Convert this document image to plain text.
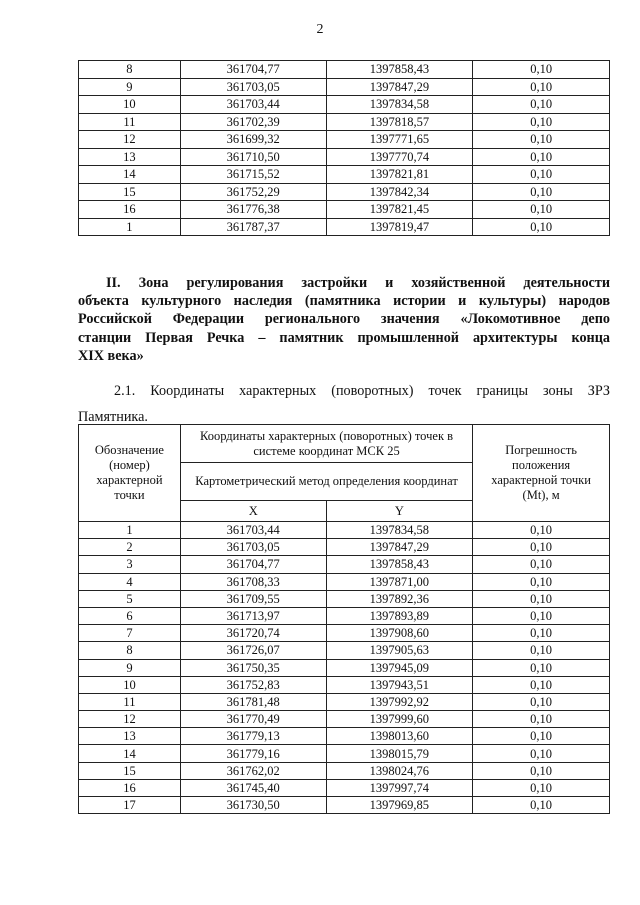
2
8	361704,77	1397858,43	0,10
9	361703,05	1397847,29	0,10
10	361703,44	1397834,58	0,10
11	361702,39	1397818,57	0,10
12	361699,32	1397771,65	0,10
13	361710,50	1397770,74	0,10
14	361715,52	1397821,81	0,10
15	361752,29	1397842,34	0,10
16	361776,38	1397821,45	0,10
1	361787,37	1397819,47	0,10
II. Зона регулирования застройки и хозяйственной деятельности
объекта культурного наследия (памятника истории и культуры) народов
Российской Федерации регионального значения «Локомотивное депо
станции Первая Речка – памятник промышленной архитектуры конца
XIX века»
2.1. Координаты характерных (поворотных) точек границы зоны ЗРЗ
Памятника.
Обозначение (номер) характерной точки	Координаты характерных (поворотных) точек в системе координат МСК 25		Погрешность положения характерной точки (Mt), м
	Картометрический метод определения координат		
	X	Y	
1	361703,44	1397834,58	0,10
2	361703,05	1397847,29	0,10
3	361704,77	1397858,43	0,10
4	361708,33	1397871,00	0,10
5	361709,55	1397892,36	0,10
6	361713,97	1397893,89	0,10
7	361720,74	1397908,60	0,10
8	361726,07	1397905,63	0,10
9	361750,35	1397945,09	0,10
10	361752,83	1397943,51	0,10
11	361781,48	1397992,92	0,10
12	361770,49	1397999,60	0,10
13	361779,13	1398013,60	0,10
14	361779,16	1398015,79	0,10
15	361762,02	1398024,76	0,10
16	361745,40	1397997,74	0,10
17	361730,50	1397969,85	0,10
